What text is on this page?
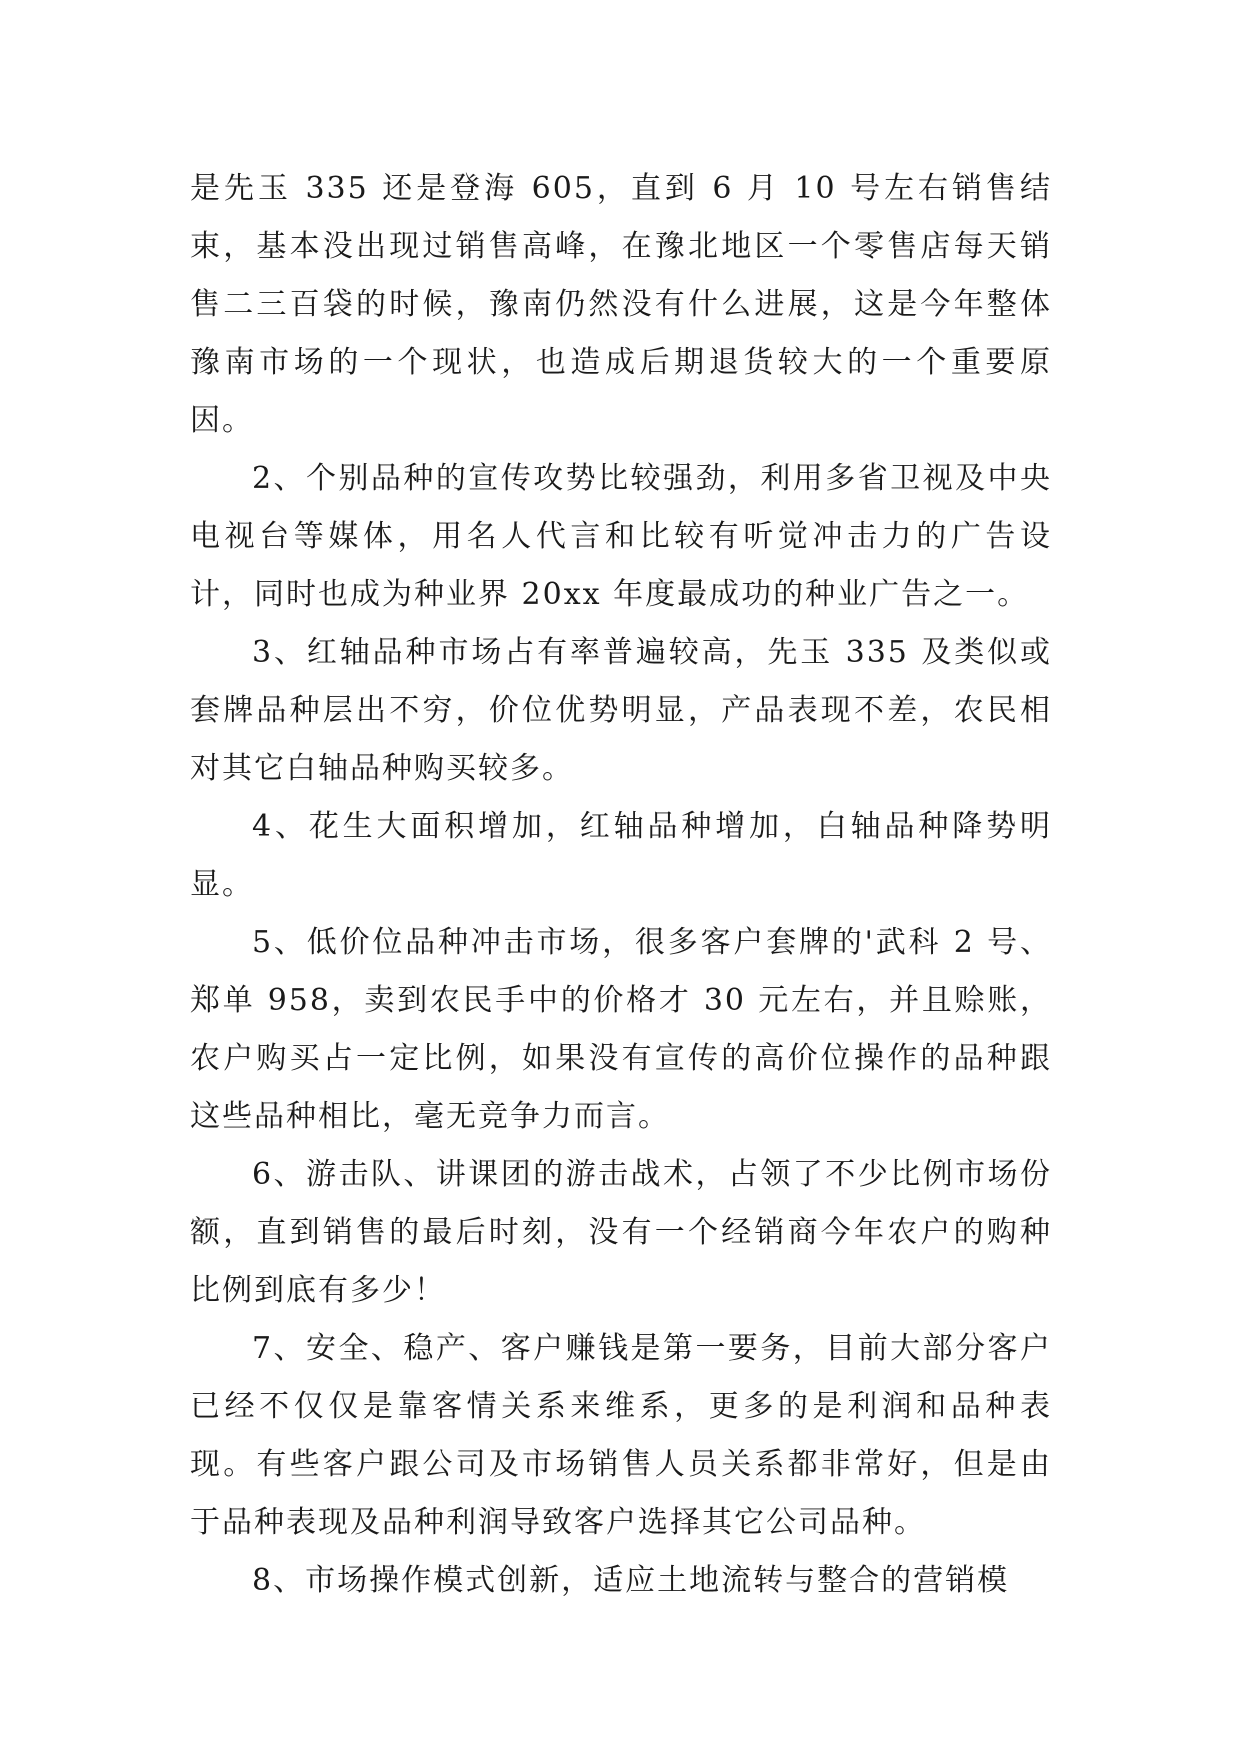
是先玉 335 还是登海 605，直到 6 月 10 号左右销售结束，基本没出现过销售高峰，在豫北地区一个零售店每天销售二三百袋的时候，豫南仍然没有什么进展，这是今年整体豫南市场的一个现状，也造成后期退货较大的一个重要原因。

2、个别品种的宣传攻势比较强劲，利用多省卫视及中央电视台等媒体，用名人代言和比较有听觉冲击力的广告设计，同时也成为种业界 20xx 年度最成功的种业广告之一。

3、红轴品种市场占有率普遍较高，先玉 335 及类似或套牌品种层出不穷，价位优势明显，产品表现不差，农民相对其它白轴品种购买较多。

4、花生大面积增加，红轴品种增加，白轴品种降势明显。

5、低价位品种冲击市场，很多客户套牌的'武科 2 号、郑单 958，卖到农民手中的价格才 30 元左右，并且赊账，农户购买占一定比例，如果没有宣传的高价位操作的品种跟这些品种相比，毫无竞争力而言。

6、游击队、讲课团的游击战术，占领了不少比例市场份额，直到销售的最后时刻，没有一个经销商今年农户的购种比例到底有多少！

7、安全、稳产、客户赚钱是第一要务，目前大部分客户已经不仅仅是靠客情关系来维系，更多的是利润和品种表现。有些客户跟公司及市场销售人员关系都非常好，但是由于品种表现及品种利润导致客户选择其它公司品种。

8、市场操作模式创新，适应土地流转与整合的营销模
